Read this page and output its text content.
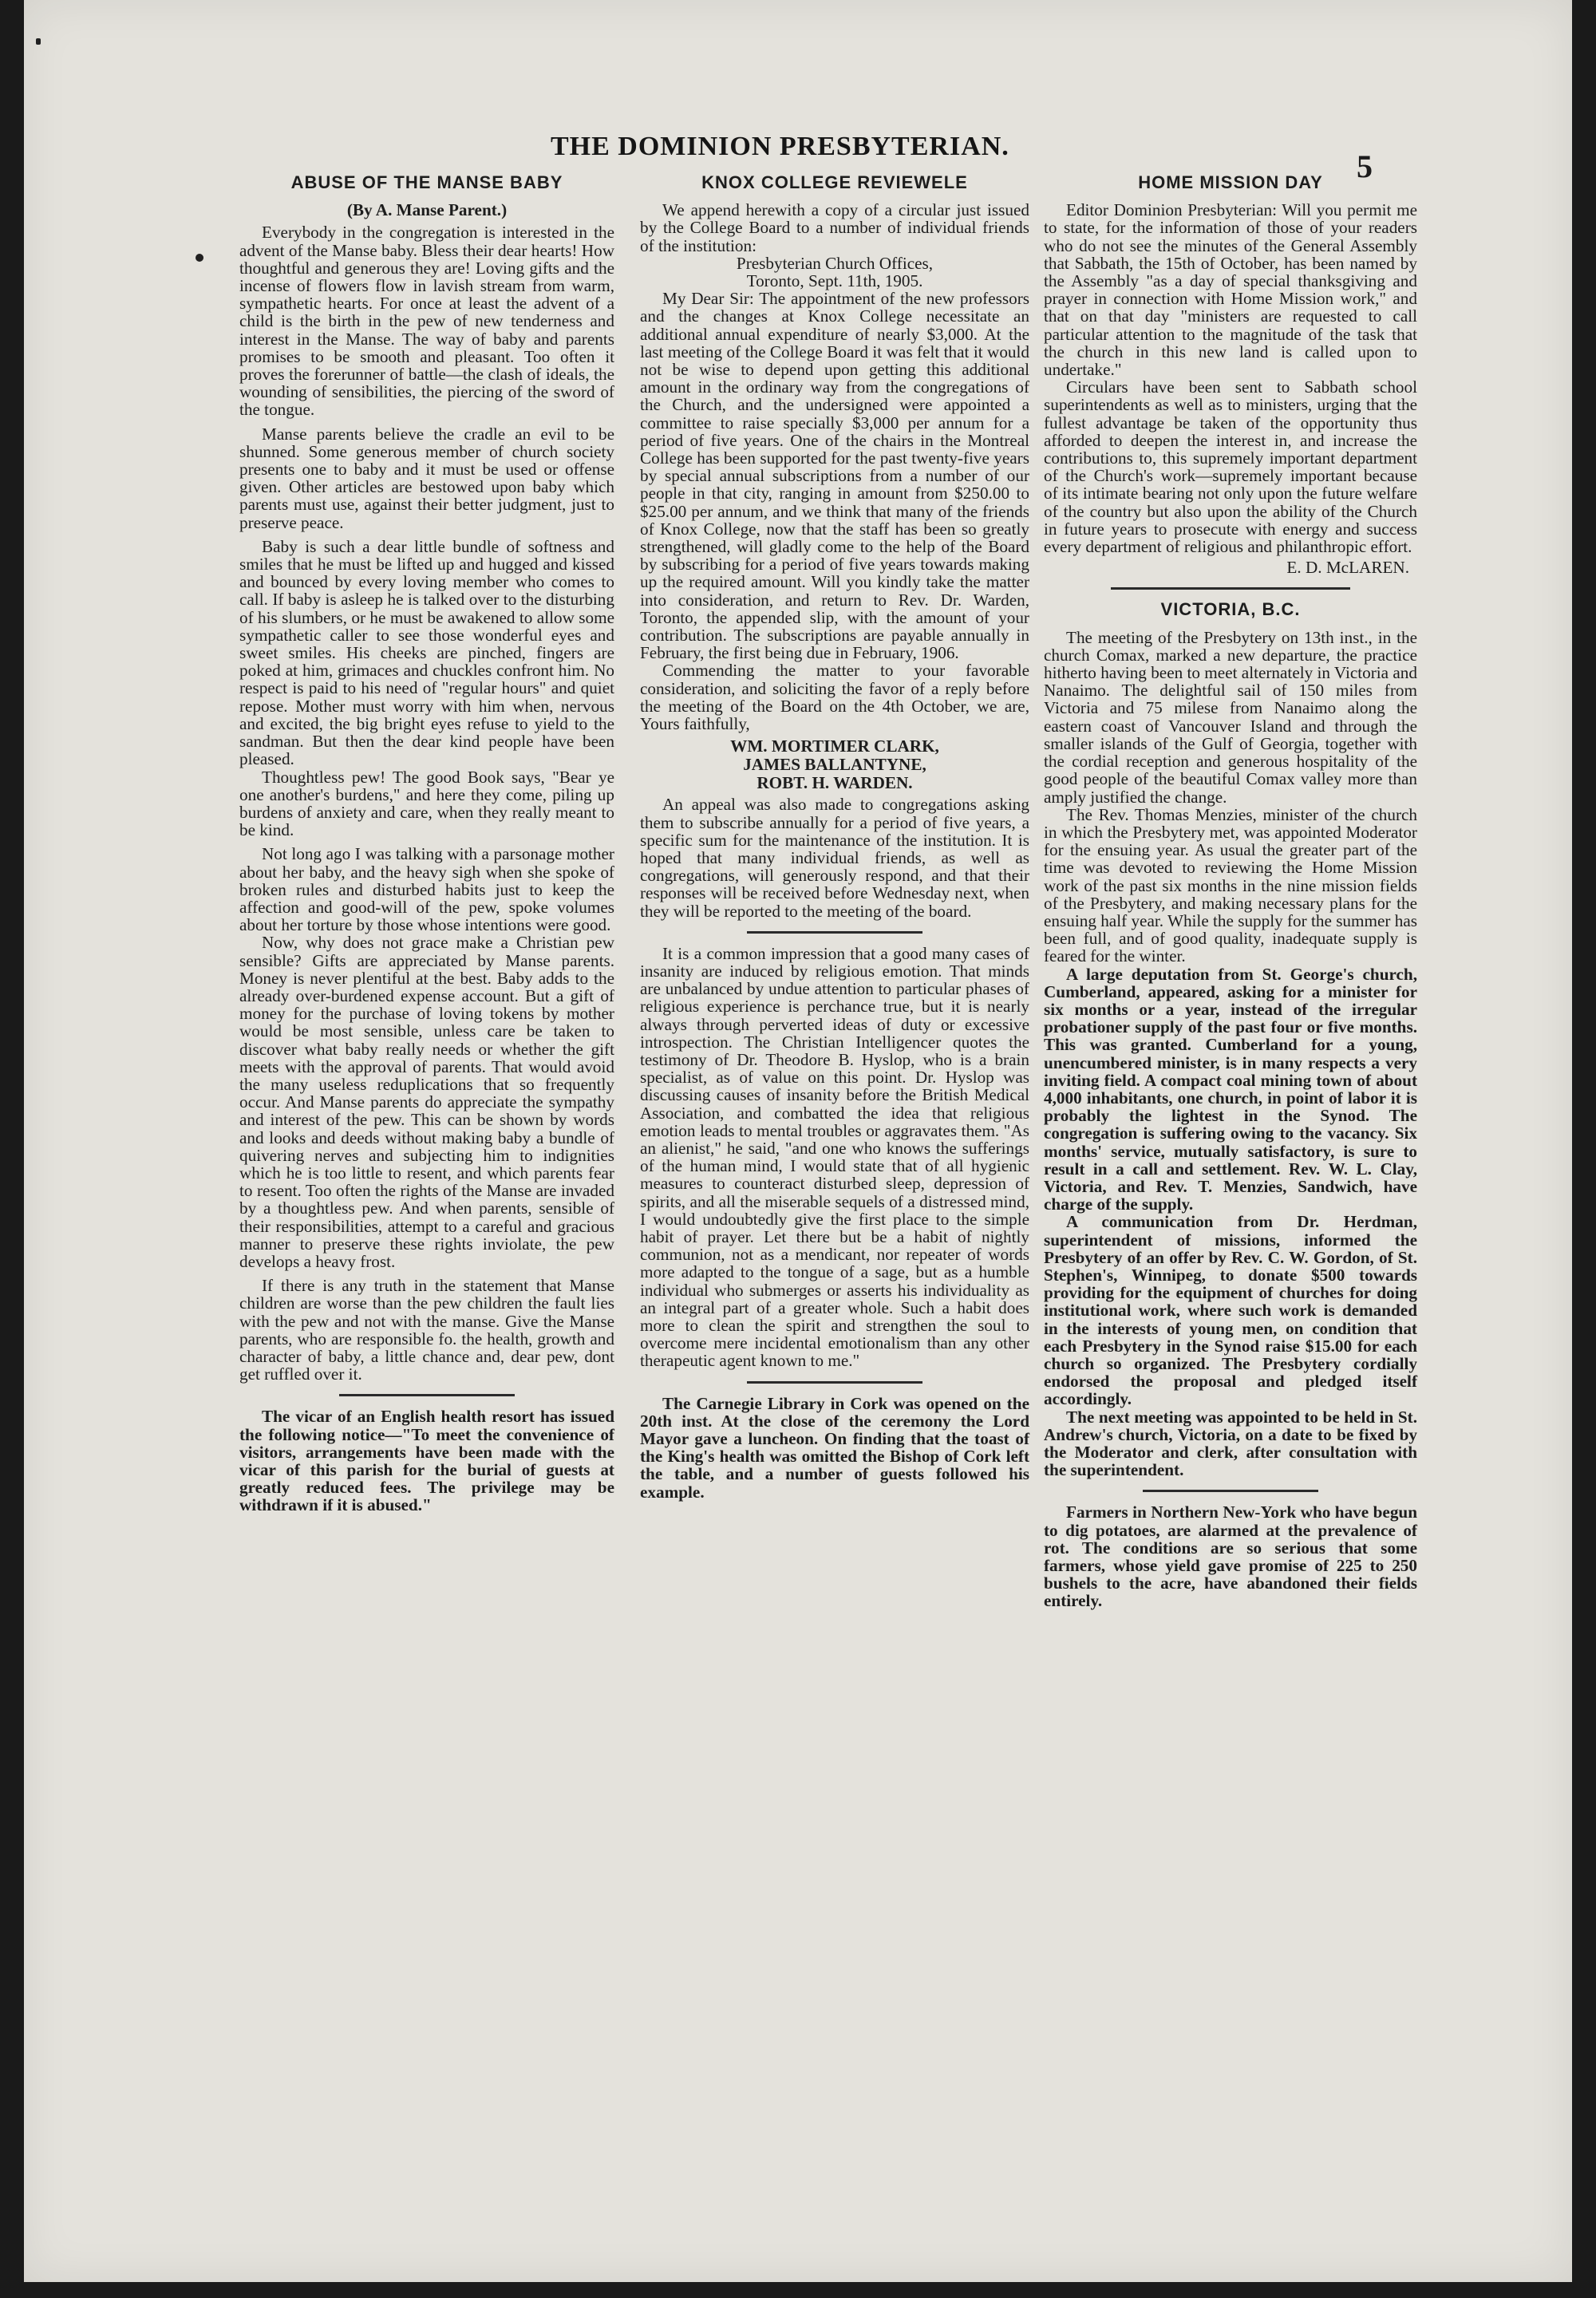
THE DOMINION PRESBYTERIAN.
5
ABUSE OF THE MANSE BABY
(By A. Manse Parent.)

Everybody in the congregation is interested in the advent of the Manse baby. Bless their dear hearts! How thoughtful and generous they are! Loving gifts and the incense of flowers flow in lavish stream from warm, sympathetic hearts. For once at least the advent of a child is the birth in the pew of new tenderness and interest in the Manse. The way of baby and parents promises to be smooth and pleasant. Too often it proves the forerunner of battle—the clash of ideals, the wounding of sensibilities, the piercing of the sword of the tongue.

Manse parents believe the cradle an evil to be shunned. Some generous member of church society presents one to baby and it must be used or offense given. Other articles are bestowed upon baby which parents must use, against their better judgment, just to preserve peace.

Baby is such a dear little bundle of softness and smiles that he must be lifted up and hugged and kissed and bounced by every loving member who comes to call. If baby is asleep he is talked over to the disturbing of his slumbers, or he must be awakened to allow some sympathetic caller to see those wonderful eyes and sweet smiles. His cheeks are pinched, fingers are poked at him, grimaces and chuckles confront him. No respect is paid to his need of "regular hours" and quiet repose. Mother must worry with him when, nervous and excited, the big bright eyes refuse to yield to the sandman. But then the dear kind people have been pleased.

Thoughtless pew! The good Book says, "Bear ye one another's burdens," and here they come, piling up burdens of anxiety and care, when they really meant to be kind.

Not long ago I was talking with a parsonage mother about her baby, and the heavy sigh when she spoke of broken rules and disturbed habits just to keep the affection and good-will of the pew, spoke volumes about her torture by those whose intentions were good.

Now, why does not grace make a Christian pew sensible? Gifts are appreciated by Manse parents. Money is never plentiful at the best. Baby adds to the already over-burdened expense account. But a gift of money for the purchase of loving tokens by mother would be most sensible, unless care be taken to discover what baby really needs or whether the gift meets with the approval of parents. That would avoid the many useless reduplications that so frequently occur. And Manse parents do appreciate the sympathy and interest of the pew. This can be shown by words and looks and deeds without making baby a bundle of quivering nerves and subjecting him to indignities which he is too little to resent, and which parents fear to resent. Too often the rights of the Manse are invaded by a thoughtless pew. And when parents, sensible of their responsibilities, attempt to a careful and gracious manner to preserve these rights inviolate, the pew develops a heavy frost.

If there is any truth in the statement that Manse children are worse than the pew children the fault lies with the pew and not with the manse. Give the Manse parents, who are responsible fo. the health, growth and character of baby, a little chance and, dear pew, dont get ruffled over it.

The vicar of an English health resort has issued the following notice—"To meet the convenience of visitors, arrangements have been made with the vicar of this parish for the burial of guests at greatly reduced fees. The privilege may be withdrawn if it is abused."

KNOX COLLEGE REVIEWELE

We append herewith a copy of a circular just issued by the College Board to a number of individual friends of the institution:

Presbyterian Church Offices,

Toronto, Sept. 11th, 1905.

My Dear Sir: The appointment of the new professors and the changes at Knox College necessitate an additional annual expenditure of nearly $3,000. At the last meeting of the College Board it was felt that it would not be wise to depend upon getting this additional amount in the ordinary way from the congregations of the Church, and the undersigned were appointed a committee to raise specially $3,000 per annum for a period of five years. One of the chairs in the Montreal College has been supported for the past twenty-five years by special annual subscriptions from a number of our people in that city, ranging in amount from $250.00 to $25.00 per annum, and we think that many of the friends of Knox College, now that the staff has been so greatly strengthened, will gladly come to the help of the Board by subscribing for a period of five years towards making up the required amount. Will you kindly take the matter into consideration, and return to Rev. Dr. Warden, Toronto, the appended slip, with the amount of your contribution. The subscriptions are payable annually in February, the first being due in February, 1906.

Commending the matter to your favorable consideration, and soliciting the favor of a reply before the meeting of the Board on the 4th October, we are, Yours faithfully,

WM. MORTIMER CLARK,
JAMES BALLANTYNE,
ROBT. H. WARDEN.

An appeal was also made to congregations asking them to subscribe annually for a period of five years, a specific sum for the maintenance of the institution. It is hoped that many individual friends, as well as congregations, will generously respond, and that their responses will be received before Wednesday next, when they will be reported to the meeting of the board.

It is a common impression that a good many cases of insanity are induced by religious emotion. That minds are unbalanced by undue attention to particular phases of religious experience is perchance true, but it is nearly always through perverted ideas of duty or excessive introspection. The Christian Intelligencer quotes the testimony of Dr. Theodore B. Hyslop, who is a brain specialist, as of value on this point. Dr. Hyslop was discussing causes of insanity before the British Medical Association, and combatted the idea that religious emotion leads to mental troubles or aggravates them. "As an alienist," he said, "and one who knows the sufferings of the human mind, I would state that of all hygienic measures to counteract disturbed sleep, depression of spirits, and all the miserable sequels of a distressed mind, I would undoubtedly give the first place to the simple habit of prayer. Let there but be a habit of nightly communion, not as a mendicant, nor repeater of words more adapted to the tongue of a sage, but as a humble individual who submerges or asserts his individuality as an integral part of a greater whole. Such a habit does more to clean the spirit and strengthen the soul to overcome mere incidental emotionalism than any other therapeutic agent known to me."

The Carnegie Library in Cork was opened on the 20th inst. At the close of the ceremony the Lord Mayor gave a luncheon. On finding that the toast of the King's health was omitted the Bishop of Cork left the table, and a number of guests followed his example.

HOME MISSION DAY

Editor Dominion Presbyterian: Will you permit me to state, for the information of those of your readers who do not see the minutes of the General Assembly that Sabbath, the 15th of October, has been named by the Assembly "as a day of special thanksgiving and prayer in connection with Home Mission work," and that on that day "ministers are requested to call particular attention to the magnitude of the task that the church in this new land is called upon to undertake."

Circulars have been sent to Sabbath school superintendents as well as to ministers, urging that the fullest advantage be taken of the opportunity thus afforded to deepen the interest in, and increase the contributions to, this supremely important department of the Church's work—supremely important because of its intimate bearing not only upon the future welfare of the country but also upon the ability of the Church in future years to prosecute with energy and success every department of religious and philanthropic effort.

E. D. McLAREN.

VICTORIA, B.C.

The meeting of the Presbytery on 13th inst., in the church Comax, marked a new departure, the practice hitherto having been to meet alternately in Victoria and Nanaimo. The delightful sail of 150 miles from Victoria and 75 milese from Nanaimo along the eastern coast of Vancouver Island and through the smaller islands of the Gulf of Georgia, together with the cordial reception and generous hospitality of the good people of the beautiful Comax valley more than amply justified the change.

The Rev. Thomas Menzies, minister of the church in which the Presbytery met, was appointed Moderator for the ensuing year. As usual the greater part of the time was devoted to reviewing the Home Mission work of the past six months in the nine mission fields of the Presbytery, and making necessary plans for the ensuing half year. While the supply for the summer has been full, and of good quality, inadequate supply is feared for the winter.

A large deputation from St. George's church, Cumberland, appeared, asking for a minister for six months or a year, instead of the irregular probationer supply of the past four or five months. This was granted. Cumberland for a young, unencumbered minister, is in many respects a very inviting field. A compact coal mining town of about 4,000 inhabitants, one church, in point of labor it is probably the lightest in the Synod. The congregation is suffering owing to the vacancy. Six months' service, mutually satisfactory, is sure to result in a call and settlement. Rev. W. L. Clay, Victoria, and Rev. T. Menzies, Sandwich, have charge of the supply.

A communication from Dr. Herdman, superintendent of missions, informed the Presbytery of an offer by Rev. C. W. Gordon, of St. Stephen's, Winnipeg, to donate $500 towards providing for the equipment of churches for doing institutional work, where such work is demanded in the interests of young men, on condition that each Presbytery in the Synod raise $15.00 for each church so organized. The Presbytery cordially endorsed the proposal and pledged itself accordingly.

The next meeting was appointed to be held in St. Andrew's church, Victoria, on a date to be fixed by the Moderator and clerk, after consultation with the superintendent.

Farmers in Northern New-York who have begun to dig potatoes, are alarmed at the prevalence of rot. The conditions are so serious that some farmers, whose yield gave promise of 225 to 250 bushels to the acre, have abandoned their fields entirely.
